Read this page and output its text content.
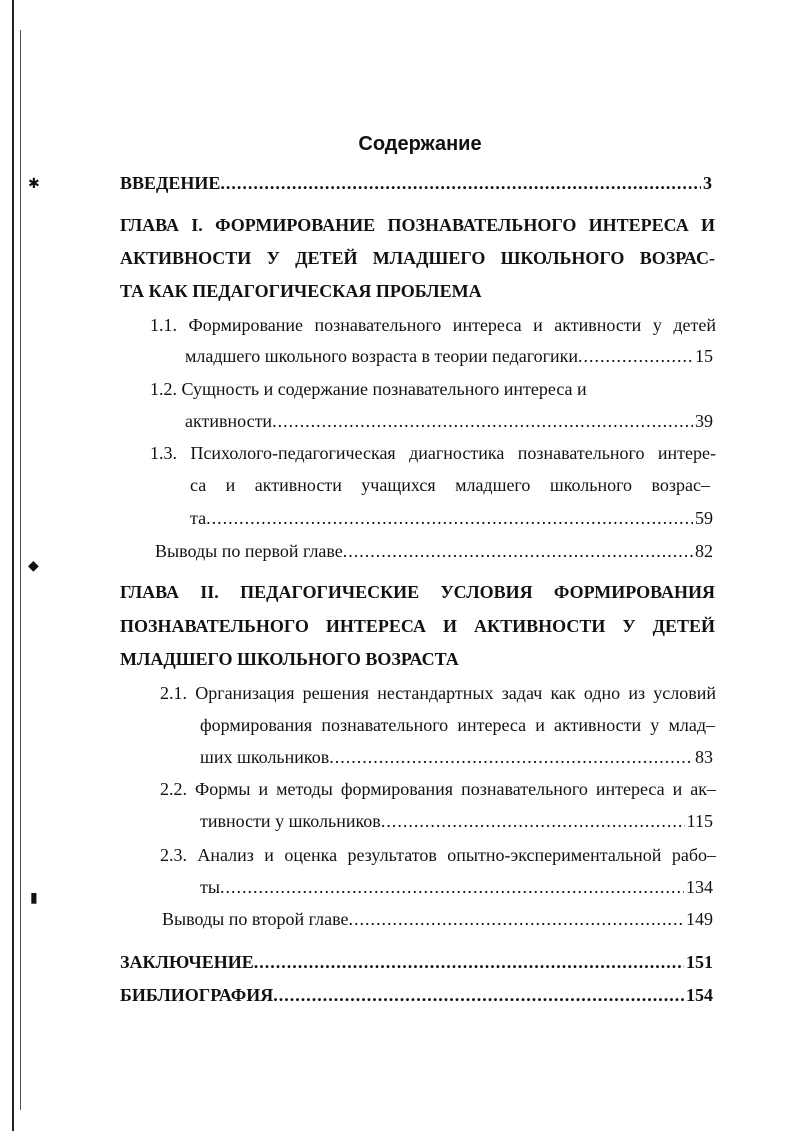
✱
◆
▮
Содержание
ВВЕДЕНИЕ .....	3
ГЛАВА I. ФОРМИРОВАНИЕ ПОЗНАВАТЕЛЬНОГО ИНТЕРЕСА И
АКТИВНОСТИ У ДЕТЕЙ МЛАДШЕГО ШКОЛЬНОГО ВОЗРАС-
ТА КАК ПЕДАГОГИЧЕСКАЯ ПРОБЛЕМА
1.1. Формирование познавательного интереса и активности у детей
младшего школьного возраста в теории педагогики .....	15
1.2. Сущность и содержание познавательного интереса и
активности .....	39
1.3. Психолого-педагогическая диагностика познавательного интере-
са и активности учащихся младшего школьного возрас–
та .....	59
Выводы по первой главе .....	82
ГЛАВА II. ПЕДАГОГИЧЕСКИЕ УСЛОВИЯ ФОРМИРОВАНИЯ
ПОЗНАВАТЕЛЬНОГО ИНТЕРЕСА И АКТИВНОСТИ У ДЕТЕЙ
МЛАДШЕГО ШКОЛЬНОГО ВОЗРАСТА
2.1. Организация решения нестандартных задач как одно из условий
формирования познавательного интереса и активности у млад–
ших школьников .....	83
2.2. Формы и методы формирования познавательного интереса и ак–
тивности у школьников .....	115
2.3. Анализ и оценка результатов опытно-экспериментальной рабо–
ты .....	134
Выводы по второй главе .....	149
ЗАКЛЮЧЕНИЕ .....	151
БИБЛИОГРАФИЯ .....	154
